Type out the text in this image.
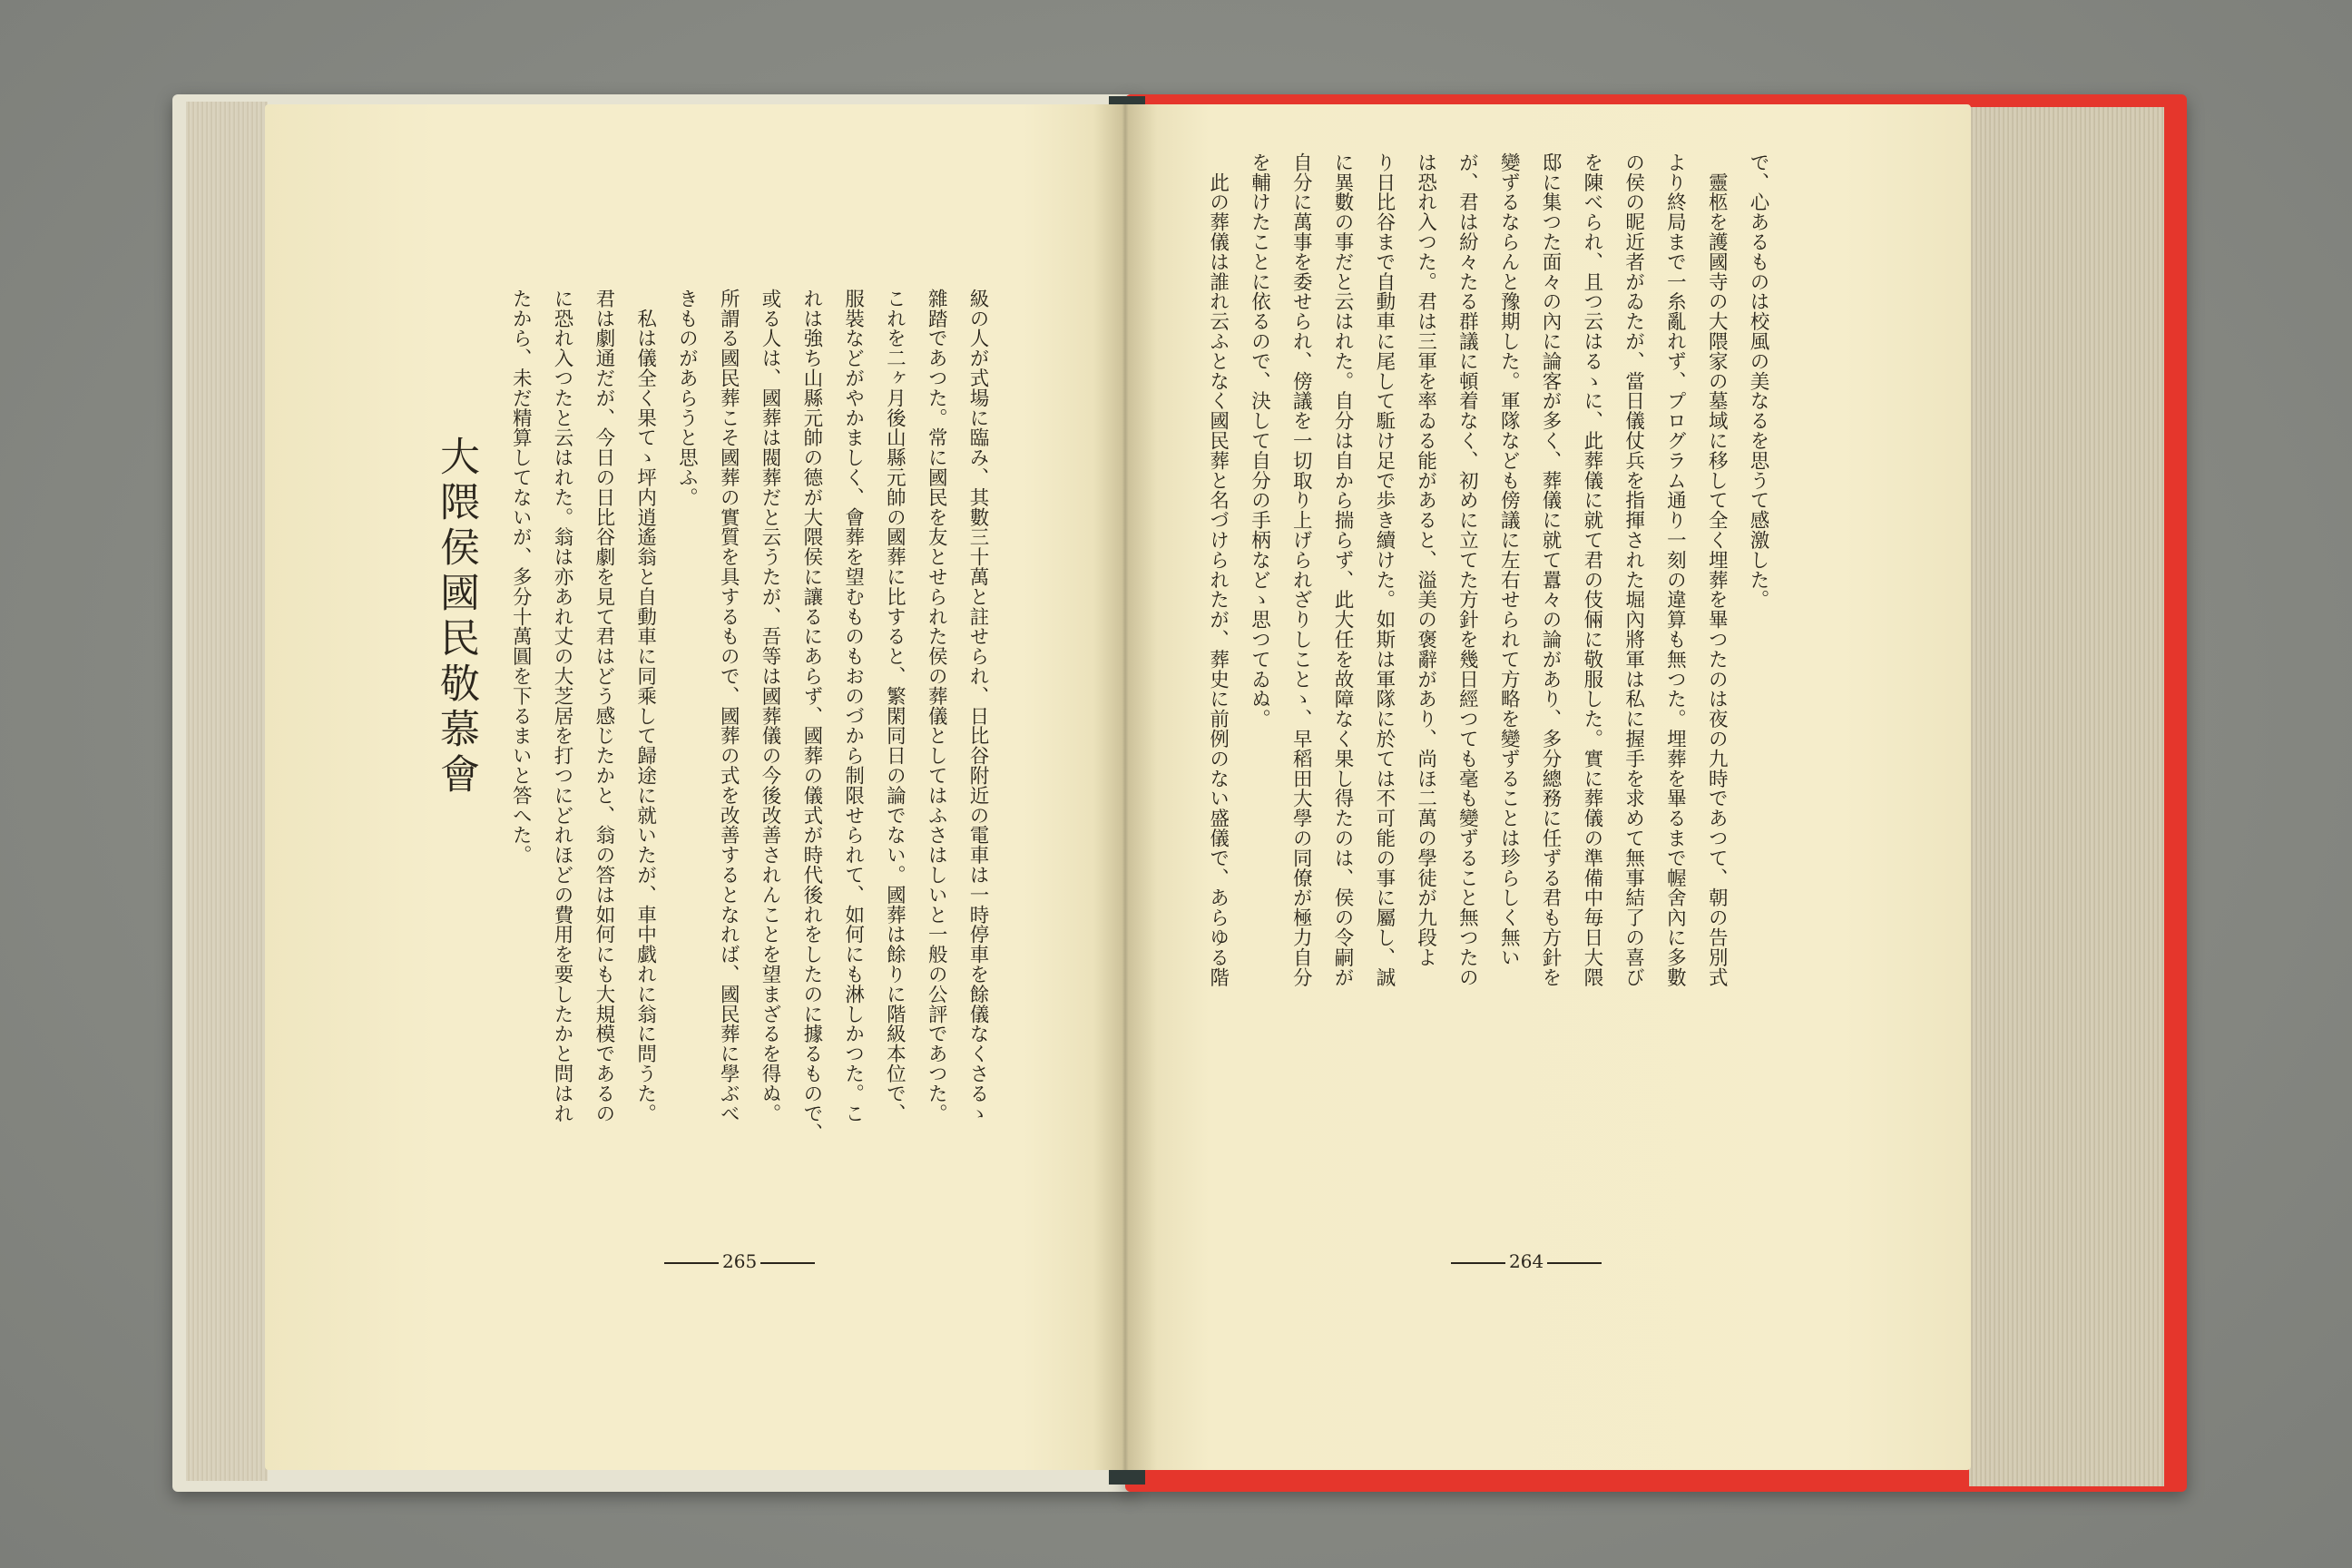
大隈侯國民敬慕會	級の人が式場に臨み、其數三十萬と註せられ、日比谷附近の電車は一時停車を餘儀なくさるゝ
雜踏であつた。常に國民を友とせられた侯の葬儀としてはふさはしいと一般の公評であつた。
これを二ヶ月後山縣元帥の國葬に比すると、繁閑同日の論でない。國葬は餘りに階級本位で、
服裝などがやかましく、會葬を望むものもおのづから制限せられて、如何にも淋しかつた。こ
れは強ち山縣元帥の德が大隈侯に讓るにあらず、國葬の儀式が時代後れをしたのに據るもので、
或る人は、國葬は閥葬だと云うたが、吾等は國葬儀の今後改善されんことを望まざるを得ぬ。
所謂る國民葬こそ國葬の實質を具するもので、國葬の式を改善するとなれば、國民葬に學ぶべ
きものがあらうと思ふ。
　私は儀全く果てゝ坪内逍遙翁と自動車に同乘して歸途に就いたが、車中戯れに翁に問うた。
君は劇通だが、今日の日比谷劇を見て君はどう感じたかと、翁の答は如何にも大規模であるの
に恐れ入つたと云はれた。翁は亦あれ丈の大芝居を打つにどれほどの費用を要したかと問はれ
たから、未だ精算してないが、多分十萬圓を下るまいと答へた。	で、心あるものは校風の美なるを思うて感激した。
　靈柩を護國寺の大隈家の墓域に移して全く埋葬を畢つたのは夜の九時であつて、朝の告別式
より終局まで一糸亂れず、プログラム通り一刻の違算も無つた。埋葬を畢るまで幄舍內に多數
の侯の昵近者がゐたが、當日儀仗兵を指揮された堀內將軍は私に握手を求めて無事結了の喜び
を陳べられ、且つ云はるゝに、此葬儀に就て君の伎倆に敬服した。實に葬儀の準備中毎日大隈
邸に集つた面々の內に論客が多く、葬儀に就て囂々の論があり、多分總務に任ずる君も方針を
變ずるならんと豫期した。軍隊なども傍議に左右せられて方略を變ずることは珍らしく無い
が、君は紛々たる群議に頓着なく、初めに立てた方針を幾日經つても毫も變ずること無つたの
は恐れ入つた。君は三軍を率ゐる能があると、溢美の褒辭があり、尚ほ二萬の學徒が九段よ
り日比谷まで自動車に尾して駈け足で歩き續けた。如斯は軍隊に於ては不可能の事に屬し、誠
に異數の事だと云はれた。自分は自から揣らず、此大任を故障なく果し得たのは、侯の令嗣が
自分に萬事を委せられ、傍議を一切取り上げられざりしことゝ、早稻田大學の同僚が極力自分
を輔けたことに依るので、決して自分の手柄などゝ思つてゐぬ。
　此の葬儀は誰れ云ふとなく國民葬と名づけられたが、葬史に前例のない盛儀で、あらゆる階
265	264
